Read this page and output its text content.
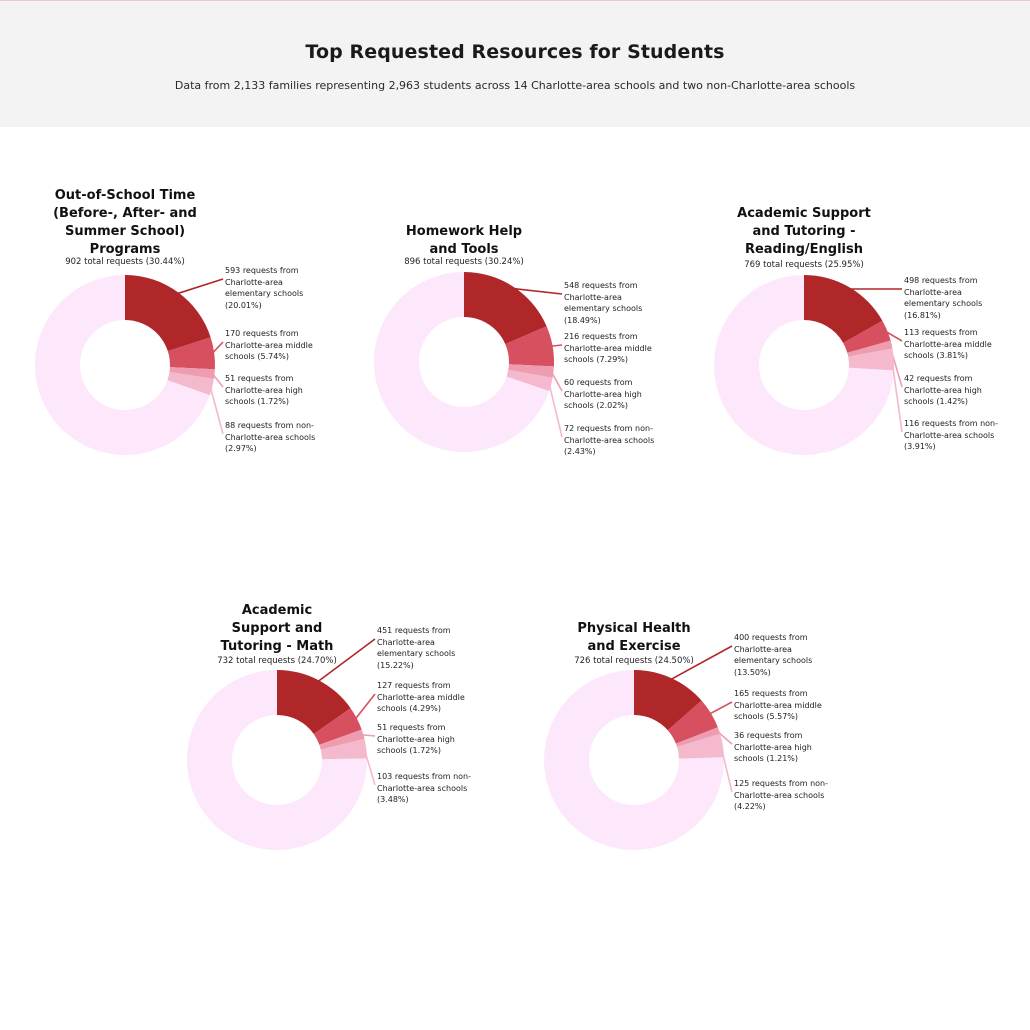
Top Requested Resources for Students

Data from 2,133 families representing 2,963 students across 14 Charlotte-area schools and two non-Charlotte-area schools

Out-of-School Time
(Before-, After- and
Summer School)
Programs
902 total requests (30.44%)
593 requests from
Charlotte-area
elementary schools
(20.01%)
170 requests from
Charlotte-area middle
schools (5.74%)
51 requests from
Charlotte-area high
schools (1.72%)
88 requests from non-
Charlotte-area schools
(2.97%)
Homework Help
and Tools
896 total requests (30.24%)
548 requests from
Charlotte-area
elementary schools
(18.49%)
216 requests from
Charlotte-area middle
schools (7.29%)
60 requests from
Charlotte-area high
schools (2.02%)
72 requests from non-
Charlotte-area schools
(2.43%)
Academic Support
and Tutoring -
Reading/English
769 total requests (25.95%)
498 requests from
Charlotte-area
elementary schools
(16.81%)
113 requests from
Charlotte-area middle
schools (3.81%)
42 requests from
Charlotte-area high
schools (1.42%)
116 requests from non-
Charlotte-area schools
(3.91%)
Academic
Support and
Tutoring - Math
732 total requests (24.70%)
451 requests from
Charlotte-area
elementary schools
(15.22%)
127 requests from
Charlotte-area middle
schools (4.29%)
51 requests from
Charlotte-area high
schools (1.72%)
103 requests from non-
Charlotte-area schools
(3.48%)
Physical Health
and Exercise
726 total requests (24.50%)
400 requests from
Charlotte-area
elementary schools
(13.50%)
165 requests from
Charlotte-area middle
schools (5.57%)
36 requests from
Charlotte-area high
schools (1.21%)
125 requests from non-
Charlotte-area schools
(4.22%)
